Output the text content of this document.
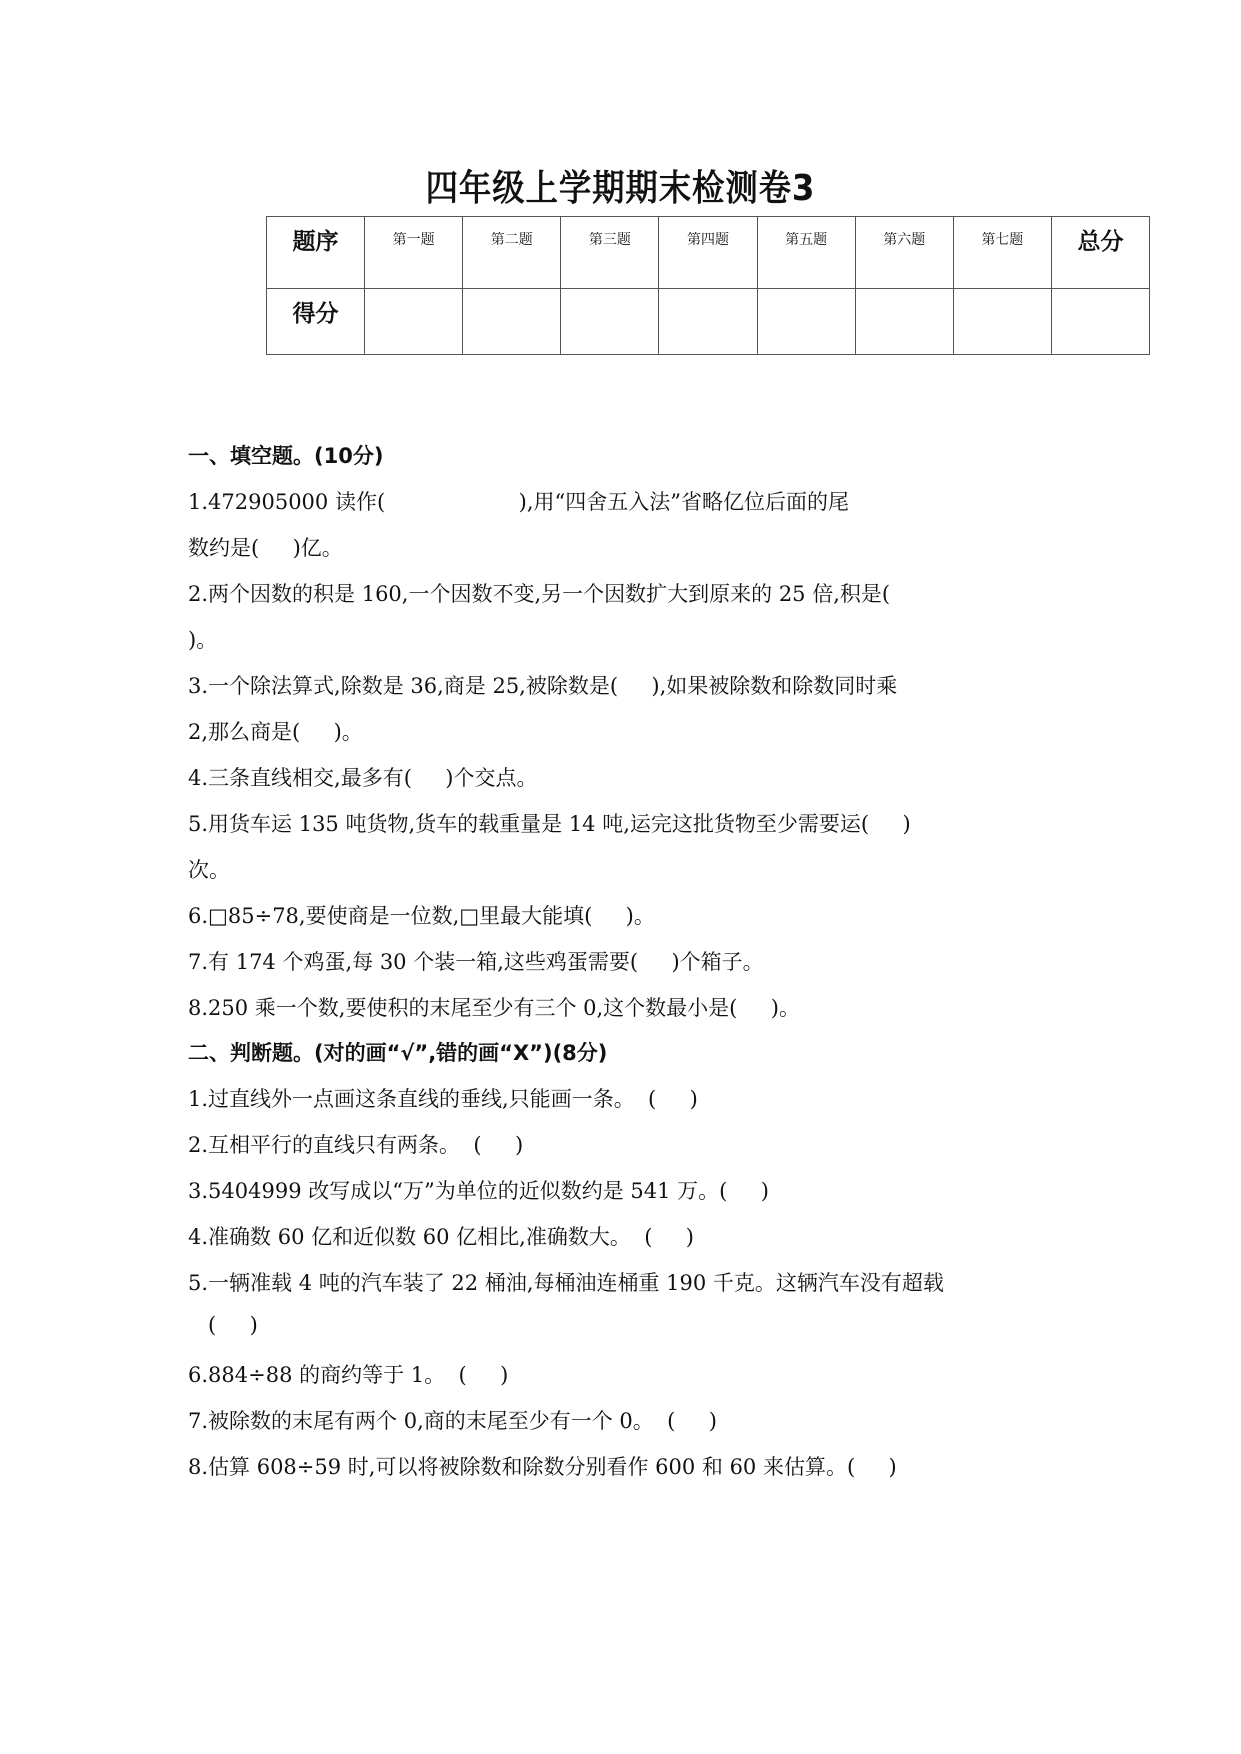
四年级上学期期末检测卷3
题序	第一题	第二题	第三题	第四题	第五题	第六题	第七题	总分
得分								
一、填空题。(10分)
1.472905000 读作(                    ),用“四舍五入法”省略亿位后面的尾
数约是(     )亿。
2.两个因数的积是 160,一个因数不变,另一个因数扩大到原来的 25 倍,积是(
)。
3.一个除法算式,除数是 36,商是 25,被除数是(     ),如果被除数和除数同时乘
2,那么商是(     )。
4.三条直线相交,最多有(     )个交点。
5.用货车运 135 吨货物,货车的载重量是 14 吨,运完这批货物至少需要运(     )
次。
6.□85÷78,要使商是一位数,□里最大能填(     )。
7.有 174 个鸡蛋,每 30 个装一箱,这些鸡蛋需要(     )个箱子。
8.250 乘一个数,要使积的末尾至少有三个 0,这个数最小是(     )。
二、判断题。(对的画“√”,错的画“X”)(8分)
1.过直线外一点画这条直线的垂线,只能画一条。  (     )
2.互相平行的直线只有两条。  (     )
3.5404999 改写成以“万”为单位的近似数约是 541 万。(     )
4.准确数 60 亿和近似数 60 亿相比,准确数大。  (     )
5.一辆准载 4 吨的汽车装了 22 桶油,每桶油连桶重 190 千克。这辆汽车没有超载
(     )
6.884÷88 的商约等于 1。  (     )
7.被除数的末尾有两个 0,商的末尾至少有一个 0。  (     )
8.估算 608÷59 时,可以将被除数和除数分别看作 600 和 60 来估算。(     )
